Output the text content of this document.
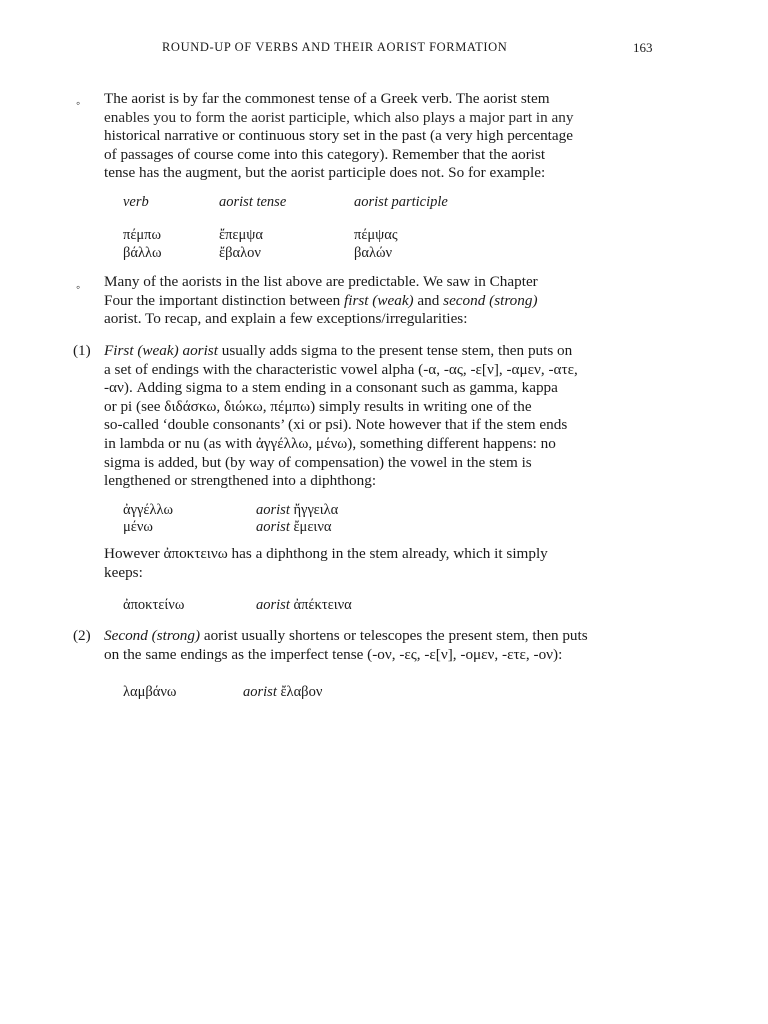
ROUND-UP OF VERBS AND THEIR AORIST FORMATION	163
◦ The aorist is by far the commonest tense of a Greek verb. The aorist stem

enables you to form the aorist participle, which also plays a major part in any

historical narrative or continuous story set in the past (a very high percentage

of passages of course come into this category). Remember that the aorist

tense has the augment, but the aorist participle does not. So for example:

verb	aorist tense	aorist participle
πέμπω	ἔπεμψα	πέμψας
βάλλω	ἔβαλον	βαλών
◦ Many of the aorists in the list above are predictable. We saw in Chapter

Four the important distinction between first (weak) and second (strong)

aorist. To recap, and explain a few exceptions/irregularities:

(1) First (weak) aorist usually adds sigma to the present tense stem, then puts on

a set of endings with the characteristic vowel alpha (-α, -ας, -ε[ν], -αμεν, -ατε,

-αν). Adding sigma to a stem ending in a consonant such as gamma, kappa

or pi (see διδάσκω, διώκω, πέμπω) simply results in writing one of the

so-called ‘double consonants’ (xi or psi). Note however that if the stem ends

in lambda or nu (as with ἀγγέλλω, μένω), something different happens: no

sigma is added, but (by way of compensation) the vowel in the stem is

lengthened or strengthened into a diphthong:

ἀγγέλλω	aorist ἤγγειλα
μένω	aorist ἔμεινα

However ἀποκτεινω has a diphthong in the stem already, which it simply

keeps:

ἀποκτείνω	aorist ἀπέκτεινα
(2) Second (strong) aorist usually shortens or telescopes the present stem, then puts

on the same endings as the imperfect tense (-ον, -ες, -ε[ν], -ομεν, -ετε, -ον):

λαμβάνω	aorist ἔλαβον
